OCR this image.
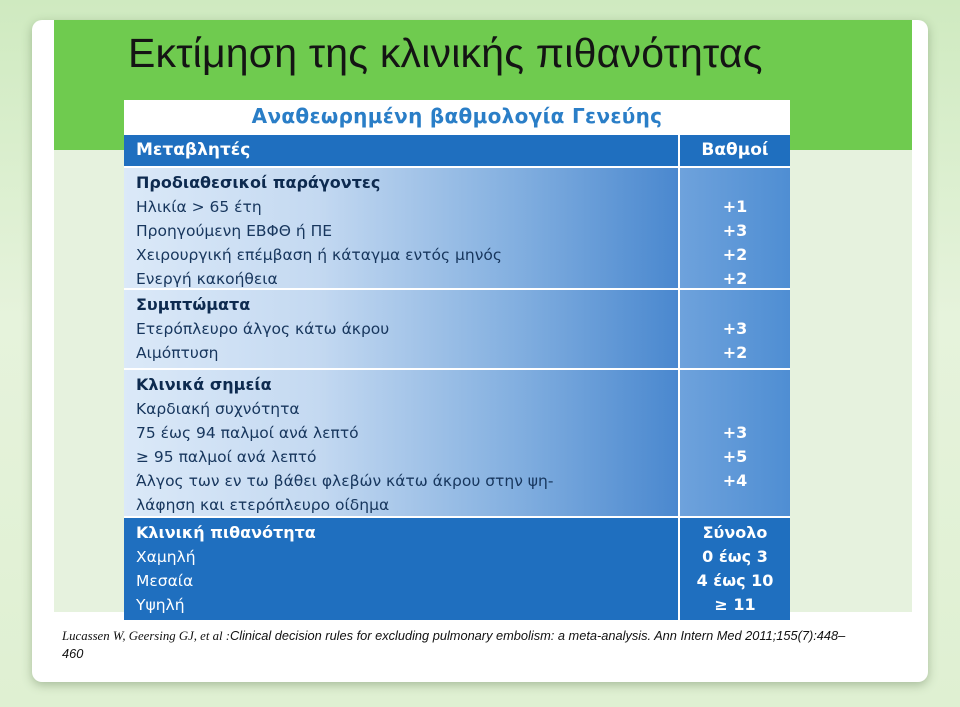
Εκτίμηση της κλινικής πιθανότητας
Αναθεωρημένη βαθμολογία Γενεύης
Μεταβλητές	Βαθμοί
Προδιαθεσικοί παράγοντες
Ηλικία > 65 έτη
Προηγούμενη ΕΒΦΘ ή ΠΕ
Χειρουργική επέμβαση ή κάταγμα εντός μηνός
Ενεργή κακοήθεια

+1
+3
+2
+2
Συμπτώματα
Ετερόπλευρο άλγος κάτω άκρου
Αιμόπτυση

+3
+2
Κλινικά σημεία
Καρδιακή συχνότητα
75 έως 94 παλμοί ανά λεπτό
≥ 95 παλμοί ανά λεπτό
Άλγος των εν τω βάθει φλεβών κάτω άκρου στην ψη-
λάφηση και ετερόπλευρο οίδημα

+3
+5
+4
Κλινική πιθανότητα
Χαμηλή
Μεσαία
Υψηλή
Σύνολο
0 έως 3
4 έως 10
≥ 11
Lucassen W, Geersing GJ, et al :Clinical decision rules for excluding pulmonary embolism: a meta-analysis. Ann Intern Med 2011;155(7):448–460
